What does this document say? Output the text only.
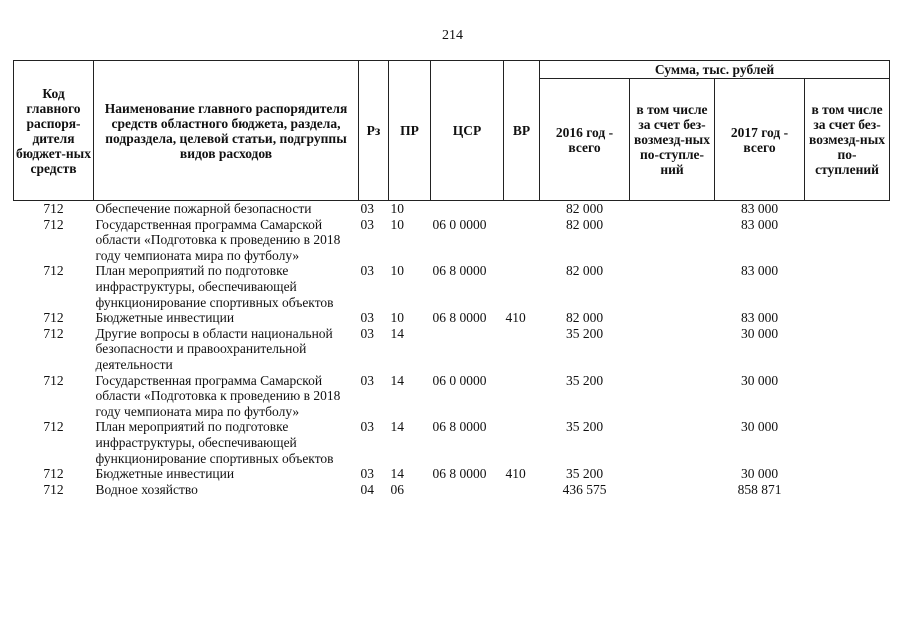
214
Код главного распоря-дителя бюджет-ных средств	Наименование главного распорядителя средств областного бюджета, раздела, подраздела, целевой статьи, подгруппы видов расходов	Рз	ПР	ЦСР	ВР	Сумма, тыс. рублей			
						2016 год - всего	в том числе за счет без-возмезд-ных по-ступле-ний	2017 год - всего	в том числе за счет без-возмезд-ных по-ступлений
712	Обеспечение пожарной безопасности	03	10			82 000		83 000	
712	Государственная программа Самарской области «Подготовка к проведению в 2018 году чемпионата мира по футболу»	03	10	06 0 0000		82 000		83 000	
712	План мероприятий по подготовке инфраструктуры, обеспечивающей функционирование спортивных объектов	03	10	06 8 0000		82 000		83 000	
712	Бюджетные инвестиции	03	10	06 8 0000	410	82 000		83 000	
712	Другие вопросы в области национальной безопасности и правоохранительной деятельности	03	14			35 200		30 000	
712	Государственная программа Самарской области «Подготовка к проведению в 2018 году чемпионата мира по футболу»	03	14	06 0 0000		35 200		30 000	
712	План мероприятий по подготовке инфраструктуры, обеспечивающей функционирование спортивных объектов	03	14	06 8 0000		35 200		30 000	
712	Бюджетные инвестиции	03	14	06 8 0000	410	35 200		30 000	
712	Водное хозяйство	04	06			436 575		858 871	
